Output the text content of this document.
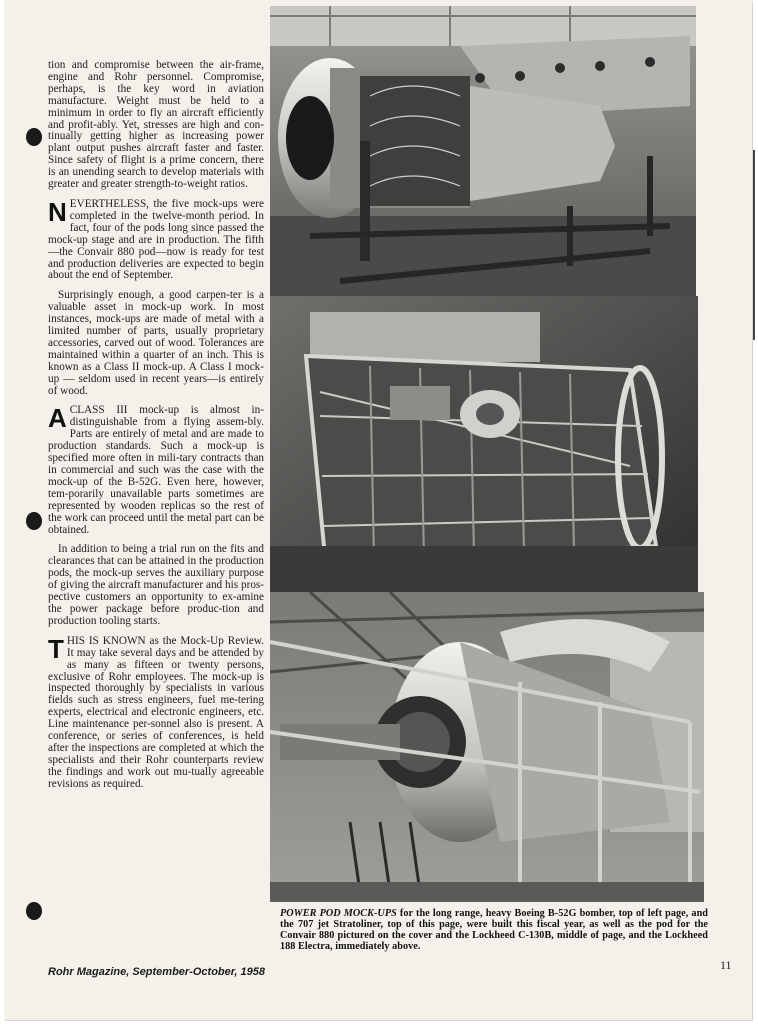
tion and compromise between the air-frame, engine and Rohr personnel. Compromise, perhaps, is the key word in aviation manufacture. Weight must be held to a minimum in order to fly an aircraft efficiently and profit-ably. Yet, stresses are high and con-tinually getting higher as increasing power plant output pushes aircraft faster and faster. Since safety of flight is a prime concern, there is an unending search to develop materials with greater and greater strength-to-weight ratios.

NEVERTHELESS, the five mock-ups were completed in the twelve-month period. In fact, four of the pods long since passed the mock-up stage and are in production. The fifth —the Convair 880 pod—now is ready for test and production deliveries are expected to begin about the end of September.

Surprisingly enough, a good carpen-ter is a valuable asset in mock-up work. In most instances, mock-ups are made of metal with a limited number of parts, usually proprietary accessories, carved out of wood. Tolerances are maintained within a quarter of an inch. This is known as a Class II mock-up. A Class I mock-up — seldom used in recent years—is entirely of wood.

ACLASS III mock-up is almost in-distinguishable from a flying assem-bly. Parts are entirely of metal and are made to production standards. Such a mock-up is specified more often in mili-tary contracts than in commercial and such was the case with the mock-up of the B-52G. Even here, however, tem-porarily unavailable parts sometimes are represented by wooden replicas so the rest of the work can proceed until the metal part can be obtained.

In addition to being a trial run on the fits and clearances that can be attained in the production pods, the mock-up serves the auxiliary purpose of giving the aircraft manufacturer and his pros-pective customers an opportunity to ex-amine the power package before produc-tion and production tooling starts.

THIS IS KNOWN as the Mock-Up Review. It may take several days and be attended by as many as fifteen or twenty persons, exclusive of Rohr employees. The mock-up is inspected thoroughly by specialists in various fields such as stress engineers, fuel me-tering experts, electrical and electronic engineers, etc. Line maintenance per-sonnel also is present. A conference, or series of conferences, is held after the inspections are completed at which the specialists and their Rohr counterparts review the findings and work out mu-tually agreeable revisions as required.

POWER POD MOCK-UPS for the long range, heavy Boeing B-52G bomber, top of left page, and the 707 jet Stratoliner, top of this page, were built this fiscal year, as well as the pod for the Convair 880 pictured on the cover and the Lockheed C-130B, middle of page, and the Lockheed 188 Electra, immediately above.
Rohr Magazine, September-October, 1958	11
